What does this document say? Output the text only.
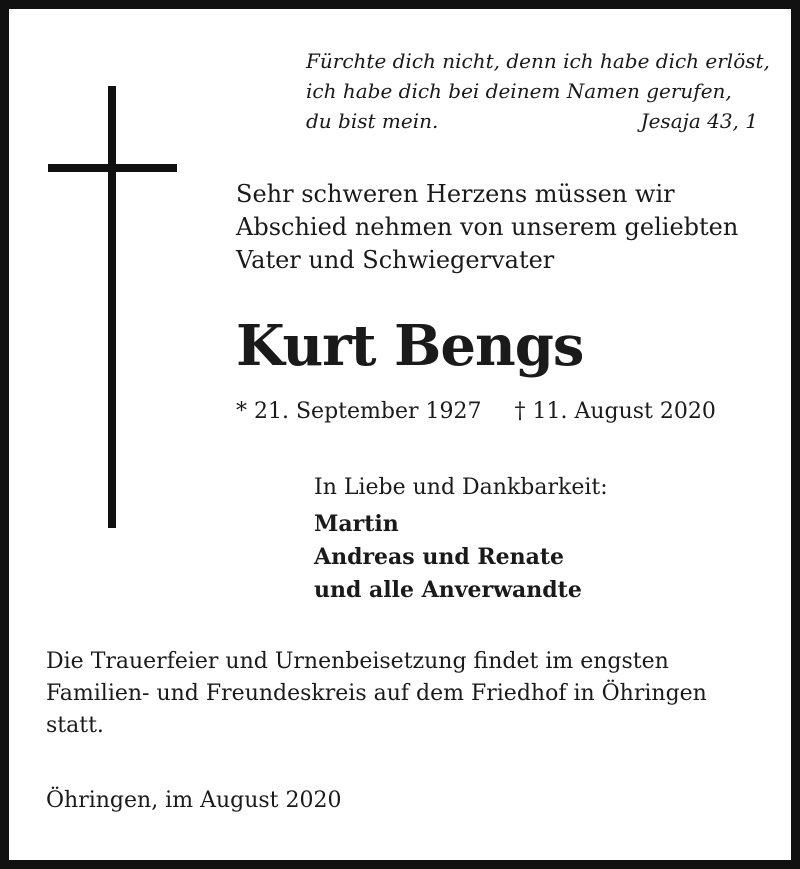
Fürchte dich nicht, denn ich habe dich erlöst,
ich habe dich bei deinem Namen gerufen,
du bist mein.	Jesaja 43, 1
Sehr schweren Herzens müssen wir
Abschied nehmen von unserem geliebten
Vater und Schwiegervater
Kurt Bengs
* 21. September 1927 † 11. August 2020
In Liebe und Dankbarkeit:
Martin
Andreas und Renate
und alle Anverwandte
Die Trauerfeier und Urnenbeisetzung findet im engsten
Familien- und Freundeskreis auf dem Friedhof in Öhringen
statt.
Öhringen, im August 2020
